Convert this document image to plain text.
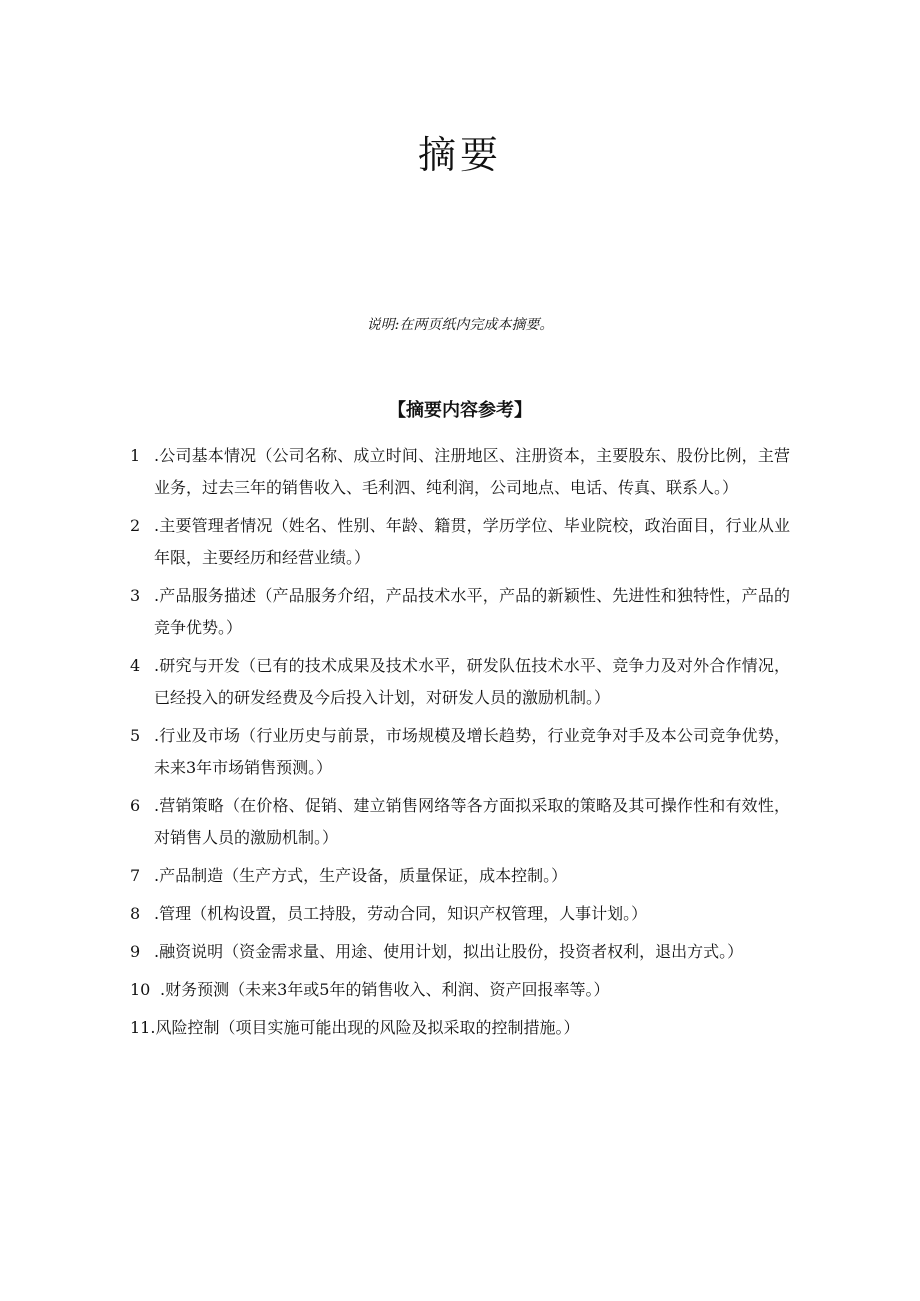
摘要
说明:在两页纸内完成本摘要。
【摘要内容参考】
1 .公司基本情况（公司名称、成立时间、注册地区、注册资本，主要股东、股份比例，主营业务，过去三年的销售收入、毛利泗、纯利润，公司地点、电话、传真、联系人。）
2 .主要管理者情况（姓名、性别、年龄、籍贯，学历学位、毕业院校，政治面目，行业从业年限，主要经历和经营业绩。）
3 .产品服务描述（产品服务介绍，产品技术水平，产品的新颖性、先进性和独特性，产品的竞争优势。）
4 .研究与开发（已有的技术成果及技术水平，研发队伍技术水平、竞争力及对外合作情况，已经投入的研发经费及今后投入计划，对研发人员的激励机制。）
5 .行业及市场（行业历史与前景，市场规模及增长趋势，行业竞争对手及本公司竞争优势，未来3年市场销售预测。）
6 .营销策略（在价格、促销、建立销售网络等各方面拟采取的策略及其可操作性和有效性，对销售人员的激励机制。）
7 .产品制造（生产方式，生产设备，质量保证，成本控制。）
8 .管理（机构设置，员工持股，劳动合同，知识产权管理，人事计划。）
9 .融资说明（资金需求量、用途、使用计划，拟出让股份，投资者权利，退出方式。）
10 .财务预测（未来3年或5年的销售收入、利润、资产回报率等。）
11. 风险控制（项目实施可能出现的风险及拟采取的控制措施。）
